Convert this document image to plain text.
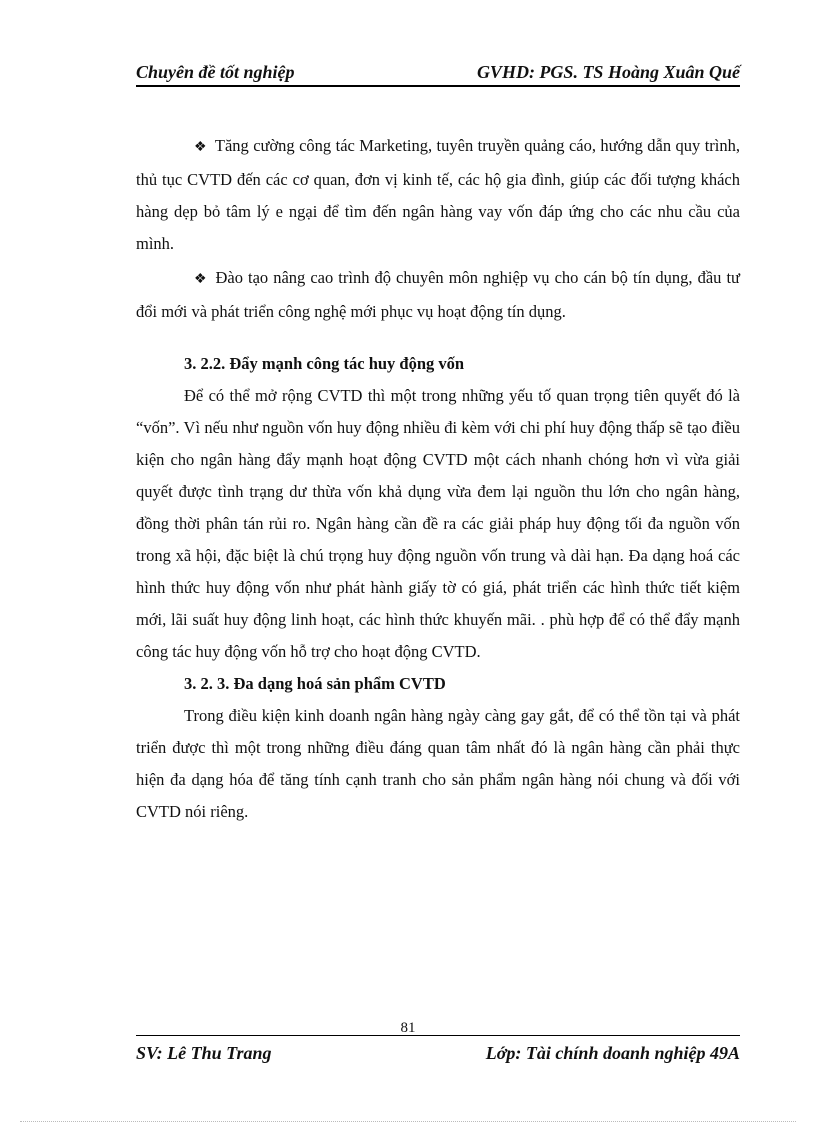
Chuyên đề tốt nghiệp	GVHD: PGS. TS Hoàng Xuân Quế

❖ Tăng cường công tác Marketing, tuyên truyền quảng cáo, hướng dẫn quy trình, thủ tục CVTD đến các cơ quan, đơn vị kinh tế, các hộ gia đình, giúp các đối tượng khách hàng dẹp bỏ tâm lý e ngại để tìm đến ngân hàng vay vốn đáp ứng cho các nhu cầu của mình.

❖ Đào tạo nâng cao trình độ chuyên môn nghiệp vụ cho cán bộ tín dụng, đầu tư đổi mới và phát triển công nghệ mới phục vụ hoạt động tín dụng.

3. 2.2. Đẩy mạnh công tác huy động vốn

Để có thể mở rộng CVTD thì một trong những yếu tố quan trọng tiên quyết đó là “vốn”. Vì nếu như nguồn vốn huy động nhiều đi kèm với chi phí huy động thấp sẽ tạo điều kiện cho ngân hàng đẩy mạnh hoạt động CVTD một cách nhanh chóng hơn vì vừa giải quyết được tình trạng dư thừa vốn khả dụng vừa đem lại nguồn thu lớn cho ngân hàng, đồng thời phân tán rủi ro. Ngân hàng cần đề ra các giải pháp huy động tối đa nguồn vốn trong xã hội, đặc biệt là chú trọng huy động nguồn vốn trung và dài hạn. Đa dạng hoá các hình thức huy động vốn như phát hành giấy tờ có giá, phát triển các hình thức tiết kiệm mới, lãi suất huy động linh hoạt, các hình thức khuyến mãi. . phù hợp để có thể đẩy mạnh công tác huy động vốn hỗ trợ cho hoạt động CVTD.

3. 2. 3. Đa dạng hoá sản phẩm CVTD

Trong điều kiện kinh doanh ngân hàng ngày càng gay gắt, để có thể tồn tại và phát triển được thì một trong những điều đáng quan tâm nhất đó là ngân hàng cần phải thực hiện đa dạng hóa để tăng tính cạnh tranh cho sản phẩm ngân hàng nói chung và đối với CVTD nói riêng.

81
SV: Lê Thu Trang	Lớp: Tài chính doanh nghiệp 49A
